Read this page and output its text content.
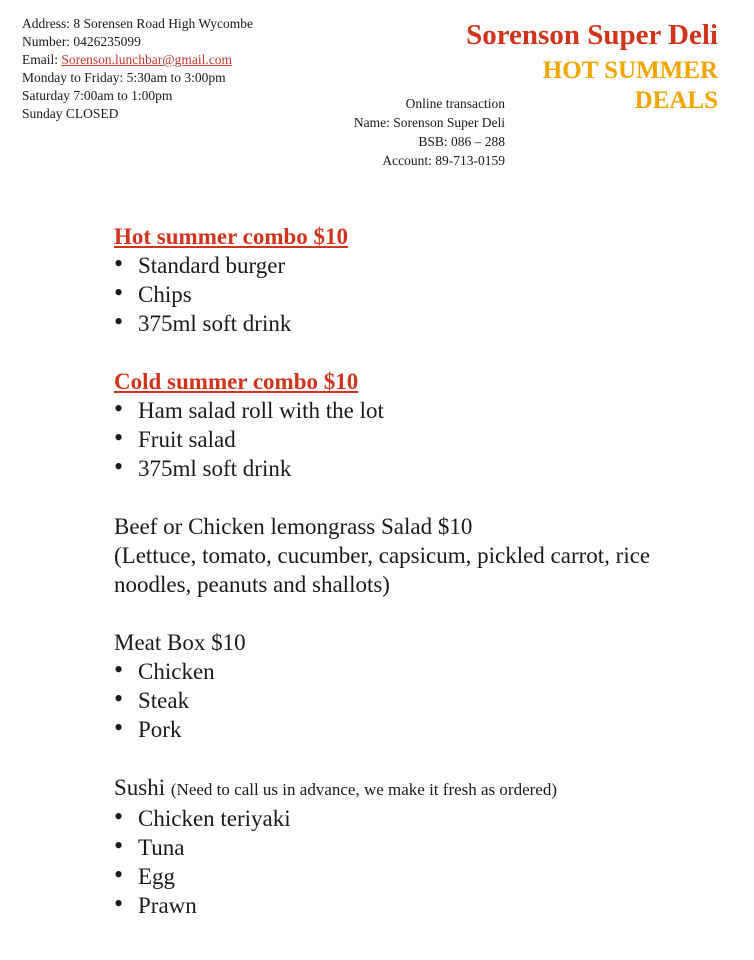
Address: 8 Sorensen Road High Wycombe
Number: 0426235099
Email: Sorenson.lunchbar@gmail.com
Monday to Friday: 5:30am to 3:00pm
Saturday 7:00am to 1:00pm
Sunday CLOSED
Sorenson Super Deli
HOT SUMMER DEALS
Online transaction
Name: Sorenson Super Deli
BSB: 086 – 288
Account: 89-713-0159
Hot summer combo $10
• Standard burger
• Chips
• 375ml soft drink
Cold summer combo $10
• Ham salad roll with the lot
• Fruit salad
• 375ml soft drink
Beef or Chicken lemongrass Salad $10
(Lettuce, tomato, cucumber, capsicum, pickled carrot, rice noodles, peanuts and shallots)
Meat Box $10
• Chicken
• Steak
• Pork
Sushi (Need to call us in advance, we make it fresh as ordered)
• Chicken teriyaki
• Tuna
• Egg
• Prawn
